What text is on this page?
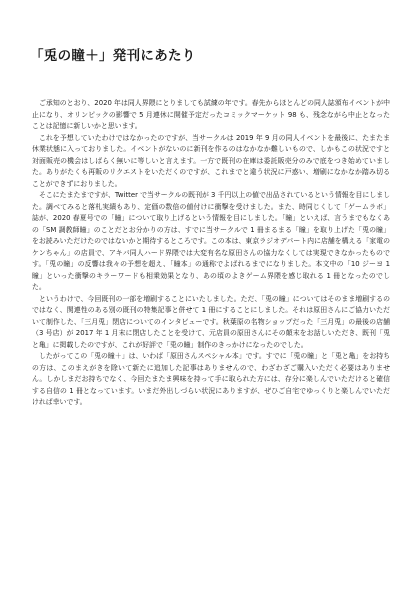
「兎の瞳＋」発刊にあたり

ご承知のとおり、2020 年は同人界隈にとりましても試練の年です。春先からほとんどの同人誌頒布イベントが中止になり、オリンピックの影響で 5 月連休に開催予定だったコミックマーケット 98 も、残念ながら中止となったことは記憶に新しいかと思います。

これを予想していたわけではなかったのですが、当サークルは 2019 年 9 月の同人イベントを最後に、たまたま休業状態に入っておりました。イベントがないのに新刊を作るのはなかなか難しいもので、しかもこの状況ですと対面販売の機会はしばらく無いに等しいと言えます。一方で既刊の在庫は委託販売分のみで底をつき始めていました。ありがたくも再販のリクエストをいただくのですが、これまでと違う状況に戸惑い、増刷になかなか踏み切ることができずにおりました。

そこにたまたまですが、Twitter で当サークルの既刊が 3 千円以上の値で出品されているという情報を目にしました。調べてみると落札実績もあり、定価の数倍の値付けに衝撃を受けました。また、時同じくして「ゲームラボ」誌が、2020 春夏号での「瞳」について取り上げるという情報を目にしました。「瞳」といえば、言うまでもなくあの「SM 調教師瞳」のことだとお分かりの方は、すでに当サークルで 1 冊まるまる「瞳」を取り上げた「兎の瞳」をお読みいただけたのではないかと期待するところです。この本は、東京ラジオデパート内に店舗を構える「家電のケンちゃん」の店員で、アキバ同人ハード界隈では大変有名な原田さんの協力なくしては実現できなかったものです。「兎の瞳」の反響は我々の予想を超え、「瞳本」の通称でよばれるまでになりました。本文中の「10 ジーヨ 1 瞳」といった衝撃のキラーワードも相乗効果となり、あの頃のよきゲーム界隈を感じ取れる 1 冊となったのでした。

というわけで、今回既刊の一部を増刷することにいたしました。ただ、「兎の瞳」についてはそのまま増刷するのではなく、関連性のある別の既刊の特集記事と併せて 1 冊にすることにしました。それは原田さんにご協力いただいて制作した、「三月兎」閉店についてのインタビューです。秋葉原の名物ショップだった「三月兎」の最後の店舗（3 号店）が 2017 年 1 月末に閉店したことを受けて、元店員の原田さんにその顛末をお話しいただき、既刊「兎と亀」に掲載したのですが、これが好評で「兎の瞳」制作のきっかけになったのでした。

したがってこの「兎の瞳＋」は、いわば「原田さんスペシャル本」です。すでに「兎の瞳」と「兎と亀」をお持ちの方は、このまえがきを除いて新たに追加した記事はありませんので、わざわざご購入いただく必要はありません。しかしまだお持ちでなく、今回たまたま興味を持って手に取られた方には、存分に楽しんでいただけると確信する自信の 1 冊となっています。いまだ外出しづらい状況にありますが、ぜひご自宅でゆっくりと楽しんでいただければ幸いです。
